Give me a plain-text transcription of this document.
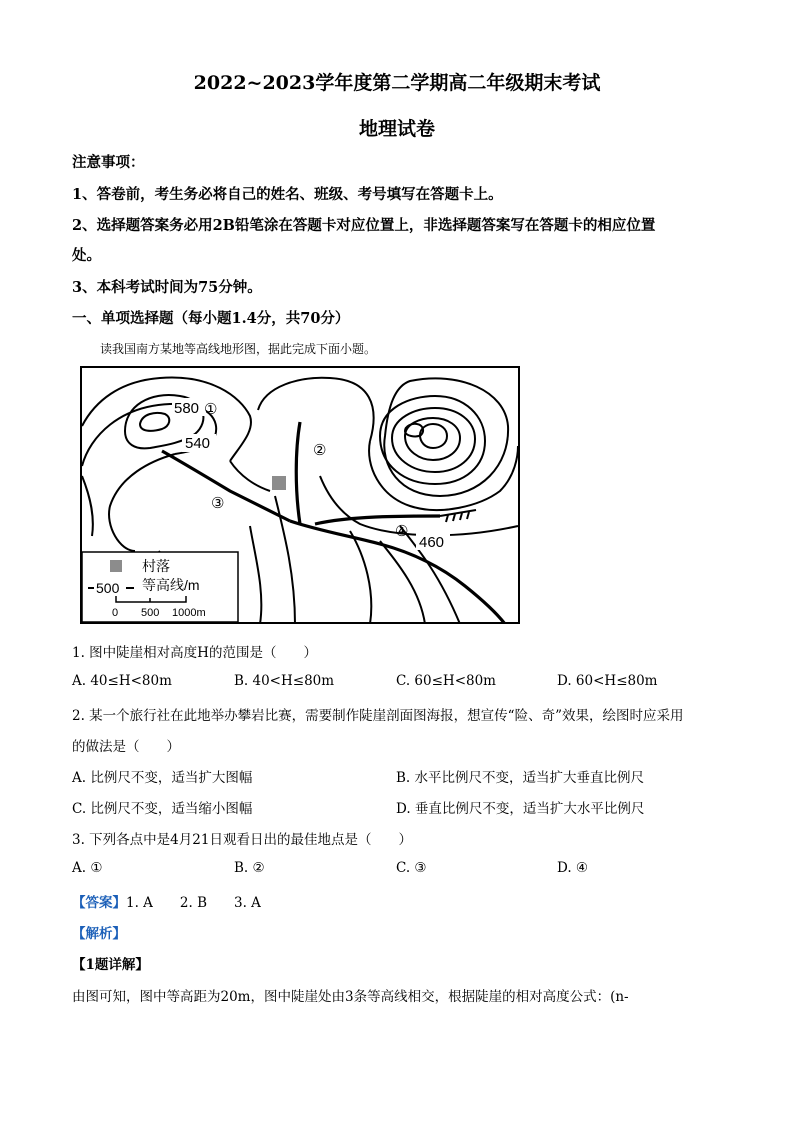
2022~2023学年度第二学期高二年级期末考试
地理试卷
注意事项：
1、答卷前，考生务必将自己的姓名、班级、考号填写在答题卡上。
2、选择题答案务必用2B铅笔涂在答题卡对应位置上，非选择题答案写在答题卡的相应位置
处。
3、本科考试时间为75分钟。
一、单项选择题（每小题1.4分，共70分）
读我国南方某地等高线地形图，据此完成下面小题。
580 ①
540	②
③
④
460
村落
500 等高线/m
0 500 1000m
1. 图中陡崖相对高度H的范围是（　　）
A. 40≤H<80m	B. 40<H≤80m	C. 60≤H<80m	D. 60<H≤80m
2. 某一个旅行社在此地举办攀岩比赛，需要制作陡崖剖面图海报，想宣传“险、奇”效果，绘图时应采用
的做法是（　　）
A. 比例尺不变，适当扩大图幅	B. 水平比例尺不变，适当扩大垂直比例尺
C. 比例尺不变，适当缩小图幅	D. 垂直比例尺不变，适当扩大水平比例尺
3. 下列各点中是4月21日观看日出的最佳地点是（　　）
A. ①	B. ②	C. ③	D. ④
【答案】1. A　　2. B　　3. A
【解析】
【1题详解】
由图可知，图中等高距为20m，图中陡崖处由3条等高线相交，根据陡崖的相对高度公式：(n-
